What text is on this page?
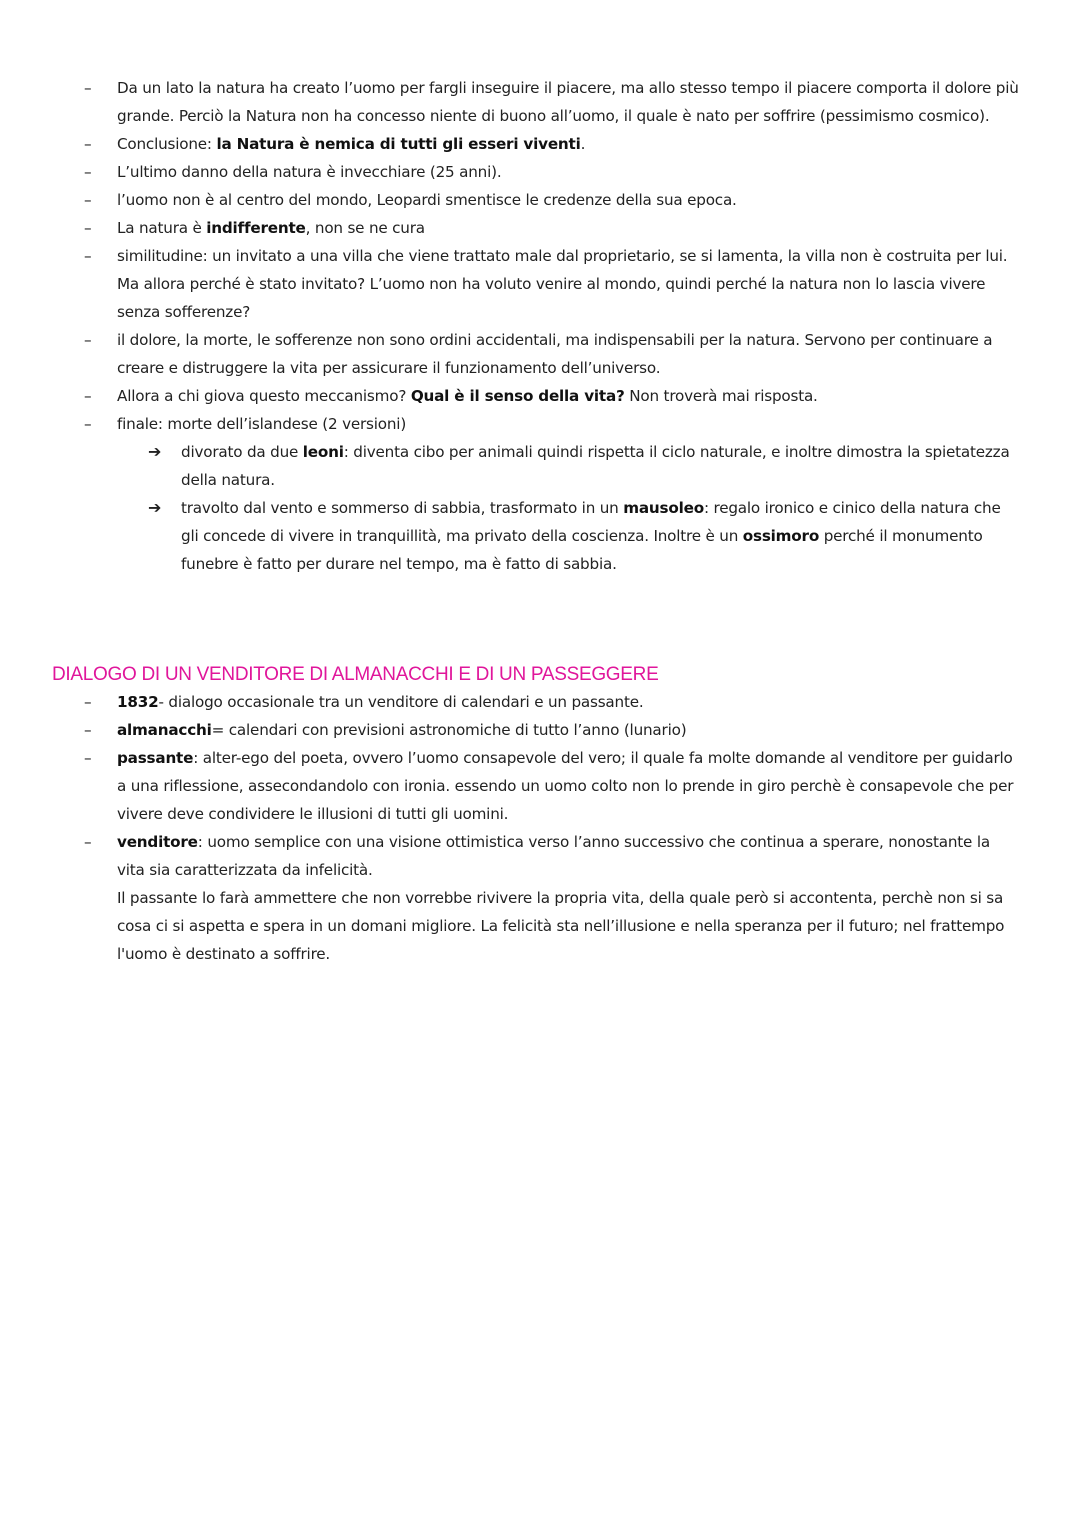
–	Da un lato la natura ha creato l’uomo per fargli inseguire il piacere, ma allo stesso tempo il piacere comporta il dolore più grande. Perciò la Natura non ha concesso niente di buono all’uomo, il quale è nato per soffrire (pessimismo cosmico).

–	Conclusione: la Natura è nemica di tutti gli esseri viventi.

–	L’ultimo danno della natura è invecchiare (25 anni).

–	l’uomo non è al centro del mondo, Leopardi smentisce le credenze della sua epoca.

–	La natura è indifferente, non se ne cura

–	similitudine: un invitato a una villa che viene trattato male dal proprietario, se si lamenta, la villa non è costruita per lui. Ma allora perché è stato invitato? L’uomo non ha voluto venire al mondo, quindi perché la natura non lo lascia vivere senza sofferenze?

–	il dolore, la morte, le sofferenze non sono ordini accidentali, ma indispensabili per la natura. Servono per continuare a creare e distruggere la vita per assicurare il funzionamento dell’universo.

–	Allora a chi giova questo meccanismo? Qual è il senso della vita? Non troverà mai risposta.

–	finale: morte dell’islandese (2 versioni)

➔	divorato da due leoni: diventa cibo per animali quindi rispetta il ciclo naturale, e inoltre dimostra la spietatezza della natura.
➔	travolto dal vento e sommerso di sabbia, trasformato in un mausoleo: regalo ironico e cinico della natura che gli concede di vivere in tranquillità, ma privato della coscienza. Inoltre è un ossimoro perché il monumento funebre è fatto per durare nel tempo, ma è fatto di sabbia.
DIALOGO DI UN VENDITORE DI ALMANACCHI E DI UN PASSEGGERE
–	1832- dialogo occasionale tra un venditore di calendari e un passante.

–	almanacchi= calendari con previsioni astronomiche di tutto l’anno (lunario)

–	passante: alter-ego del poeta, ovvero l’uomo consapevole del vero; il quale fa molte domande al venditore per guidarlo a una riflessione, assecondandolo con ironia. essendo un uomo colto non lo prende in giro perchè è consapevole che per vivere deve condividere le illusioni di tutti gli uomini.

–	venditore: uomo semplice con una visione ottimistica verso l’anno successivo che continua a sperare, nonostante la vita sia caratterizzata da infelicità.

Il passante lo farà ammettere che non vorrebbe rivivere la propria vita, della quale però si accontenta, perchè non si sa cosa ci si aspetta e spera in un domani migliore. La felicità sta nell’illusione e nella speranza per il futuro; nel frattempo l'uomo è destinato a soffrire.
